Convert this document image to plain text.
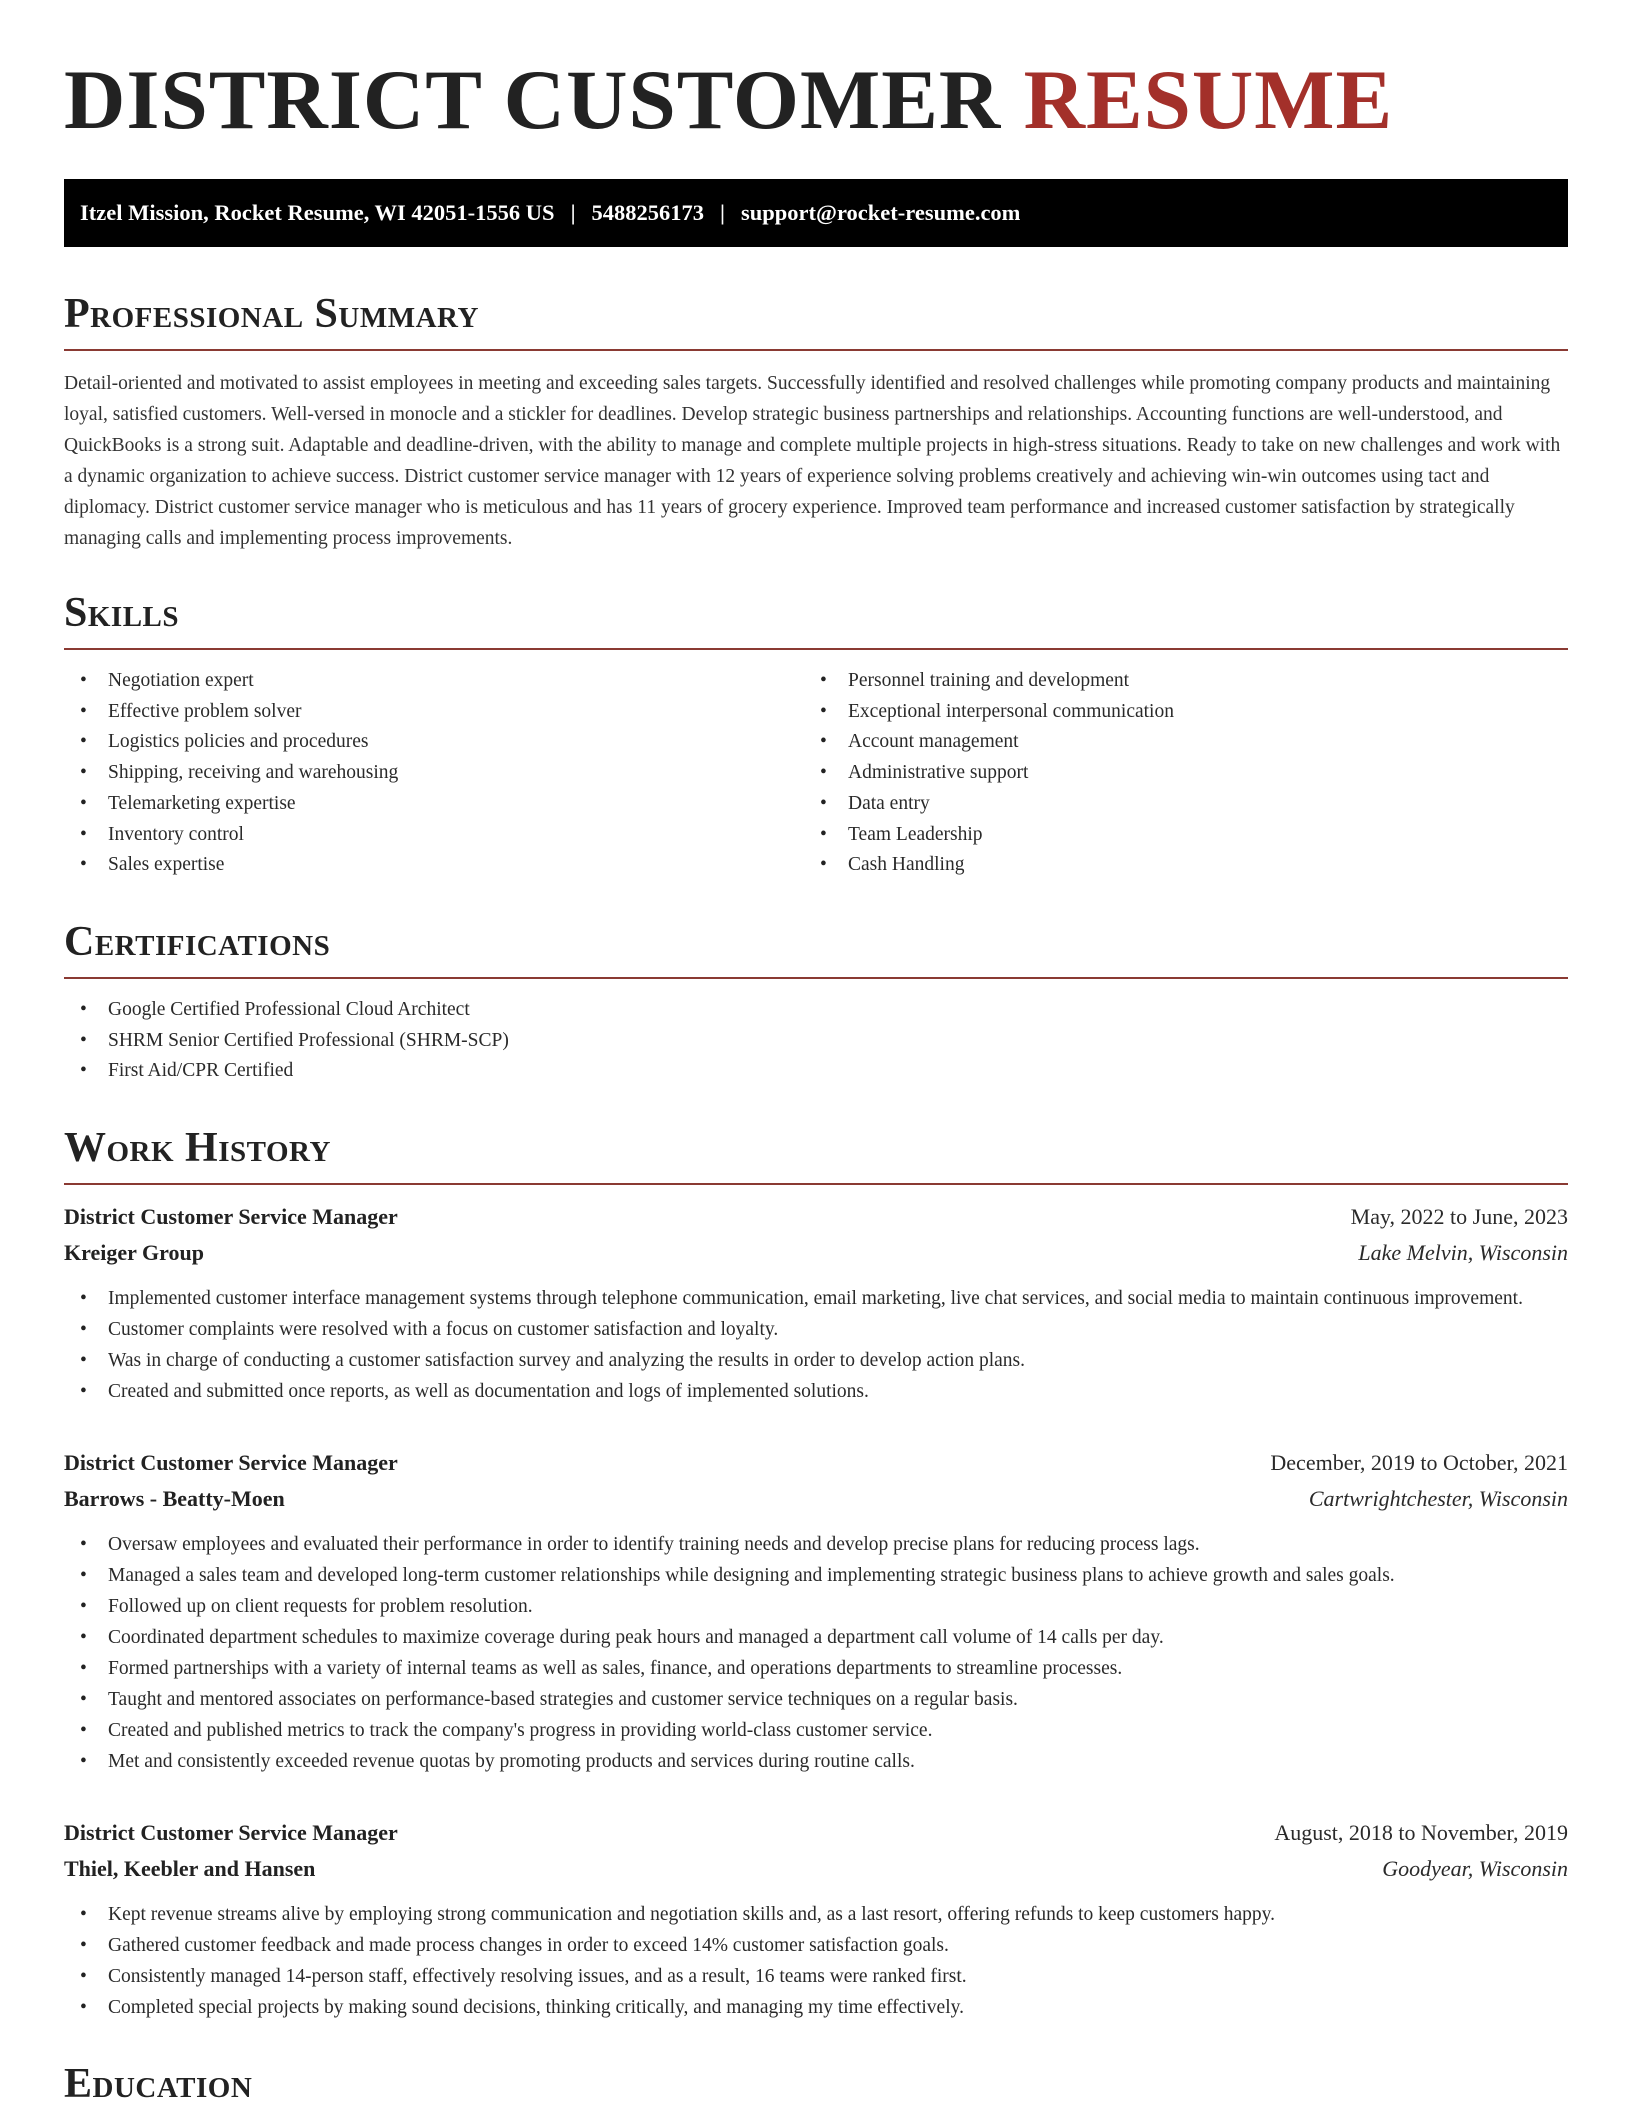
DISTRICT CUSTOMER RESUME
Itzel Mission, Rocket Resume, WI 42051-1556 US | 5488256173 | support@rocket-resume.com
Professional Summary

Detail-oriented and motivated to assist employees in meeting and exceeding sales targets. Successfully identified and resolved challenges while promoting company products and maintaining loyal, satisfied customers. Well-versed in monocle and a stickler for deadlines. Develop strategic business partnerships and relationships. Accounting functions are well-understood, and QuickBooks is a strong suit. Adaptable and deadline-driven, with the ability to manage and complete multiple projects in high-stress situations. Ready to take on new challenges and work with a dynamic organization to achieve success. District customer service manager with 12 years of experience solving problems creatively and achieving win-win outcomes using tact and diplomacy. District customer service manager who is meticulous and has 11 years of grocery experience. Improved team performance and increased customer satisfaction by strategically managing calls and implementing process improvements.

Skills
• Negotiation expert
• Effective problem solver
• Logistics policies and procedures
• Shipping, receiving and warehousing
• Telemarketing expertise
• Inventory control
• Sales expertise
• Personnel training and development
• Exceptional interpersonal communication
• Account management
• Administrative support
• Data entry
• Team Leadership
• Cash Handling
Certifications
• Google Certified Professional Cloud Architect
• SHRM Senior Certified Professional (SHRM-SCP)
• First Aid/CPR Certified
Work History
District Customer Service Manager	May, 2022 to June, 2023
Kreiger Group	Lake Melvin, Wisconsin
• Implemented customer interface management systems through telephone communication, email marketing, live chat services, and social media to maintain continuous improvement.
• Customer complaints were resolved with a focus on customer satisfaction and loyalty.
• Was in charge of conducting a customer satisfaction survey and analyzing the results in order to develop action plans.
• Created and submitted once reports, as well as documentation and logs of implemented solutions.
District Customer Service Manager	December, 2019 to October, 2021
Barrows - Beatty-Moen	Cartwrightchester, Wisconsin
• Oversaw employees and evaluated their performance in order to identify training needs and develop precise plans for reducing process lags.
• Managed a sales team and developed long-term customer relationships while designing and implementing strategic business plans to achieve growth and sales goals.
• Followed up on client requests for problem resolution.
• Coordinated department schedules to maximize coverage during peak hours and managed a department call volume of 14 calls per day.
• Formed partnerships with a variety of internal teams as well as sales, finance, and operations departments to streamline processes.
• Taught and mentored associates on performance-based strategies and customer service techniques on a regular basis.
• Created and published metrics to track the company's progress in providing world-class customer service.
• Met and consistently exceeded revenue quotas by promoting products and services during routine calls.
District Customer Service Manager	August, 2018 to November, 2019
Thiel, Keebler and Hansen	Goodyear, Wisconsin
• Kept revenue streams alive by employing strong communication and negotiation skills and, as a last resort, offering refunds to keep customers happy.
• Gathered customer feedback and made process changes in order to exceed 14% customer satisfaction goals.
• Consistently managed 14-person staff, effectively resolving issues, and as a result, 16 teams were ranked first.
• Completed special projects by making sound decisions, thinking critically, and managing my time effectively.
Education
